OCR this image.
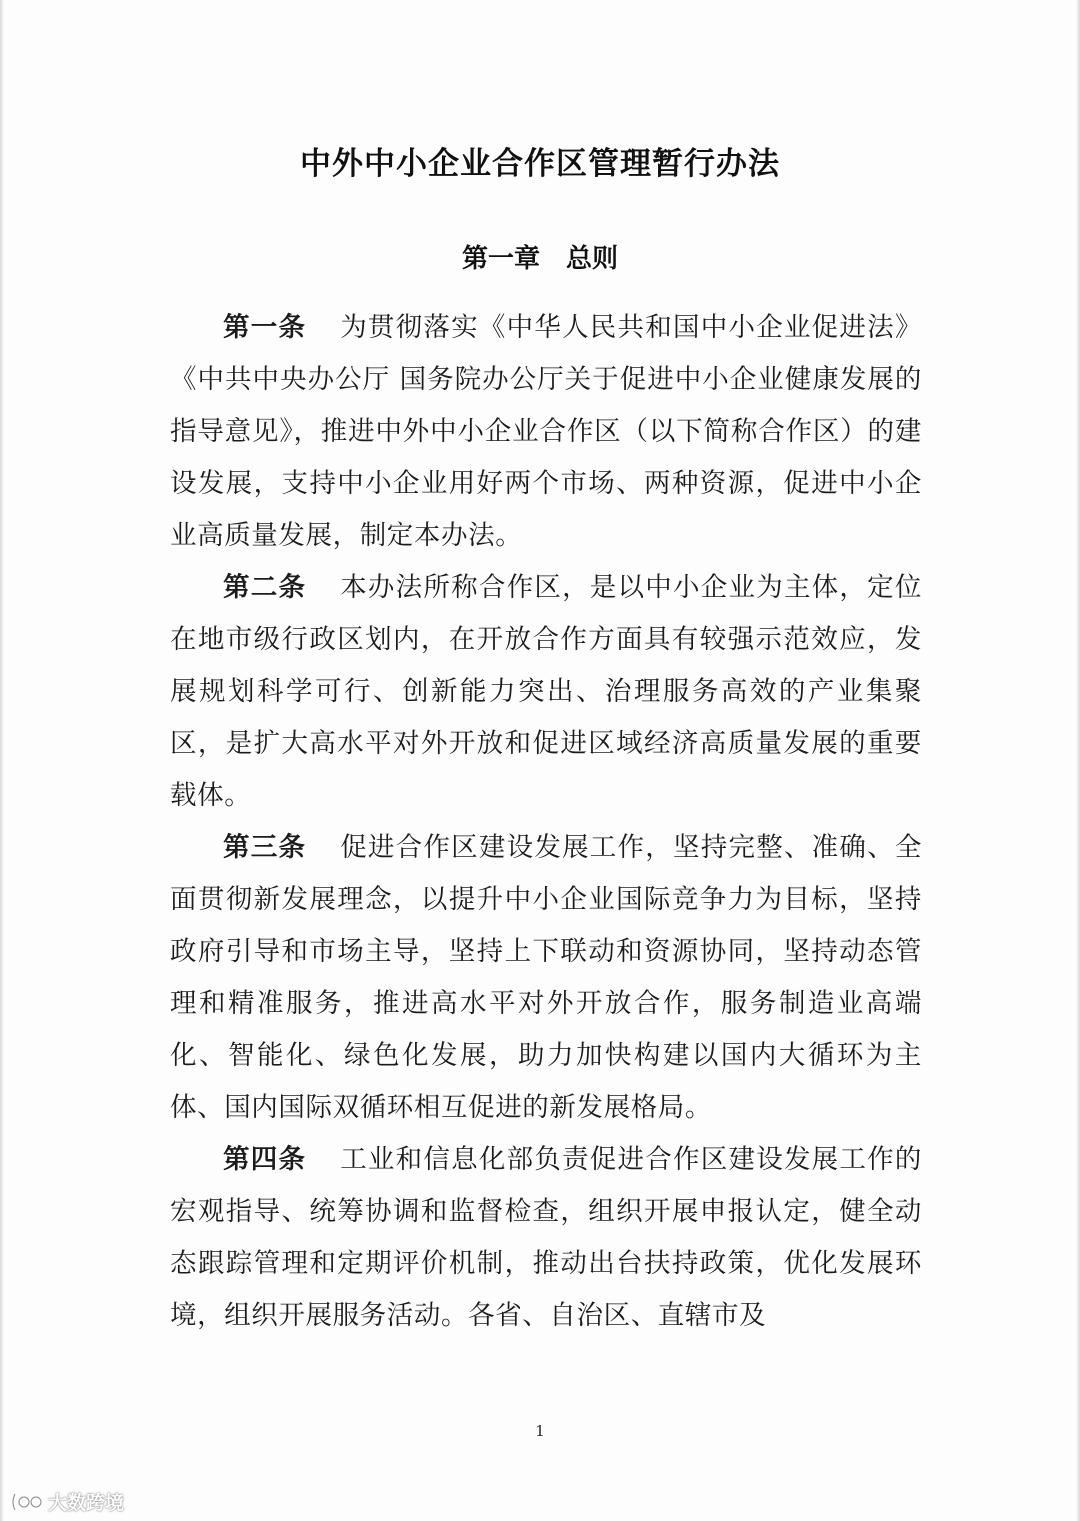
中外中小企业合作区管理暂行办法
第一章　总则

第一条 为贯彻落实《中华人民共和国中小企业促进法》《中共中央办公厅 国务院办公厅关于促进中小企业健康发展的指导意见》，推进中外中小企业合作区（以下简称合作区）的建设发展，支持中小企业用好两个市场、两种资源，促进中小企业高质量发展，制定本办法。

第二条 本办法所称合作区，是以中小企业为主体，定位在地市级行政区划内，在开放合作方面具有较强示范效应，发展规划科学可行、创新能力突出、治理服务高效的产业集聚区，是扩大高水平对外开放和促进区域经济高质量发展的重要载体。

第三条 促进合作区建设发展工作，坚持完整、准确、全面贯彻新发展理念，以提升中小企业国际竞争力为目标，坚持政府引导和市场主导，坚持上下联动和资源协同，坚持动态管理和精准服务，推进高水平对外开放合作，服务制造业高端化、智能化、绿色化发展，助力加快构建以国内大循环为主体、国内国际双循环相互促进的新发展格局。

第四条 工业和信息化部负责促进合作区建设发展工作的宏观指导、统筹协调和监督检查，组织开展申报认定，健全动态跟踪管理和定期评价机制，推动出台扶持政策，优化发展环境，组织开展服务活动。各省、自治区、直辖市及

1
大数跨境
